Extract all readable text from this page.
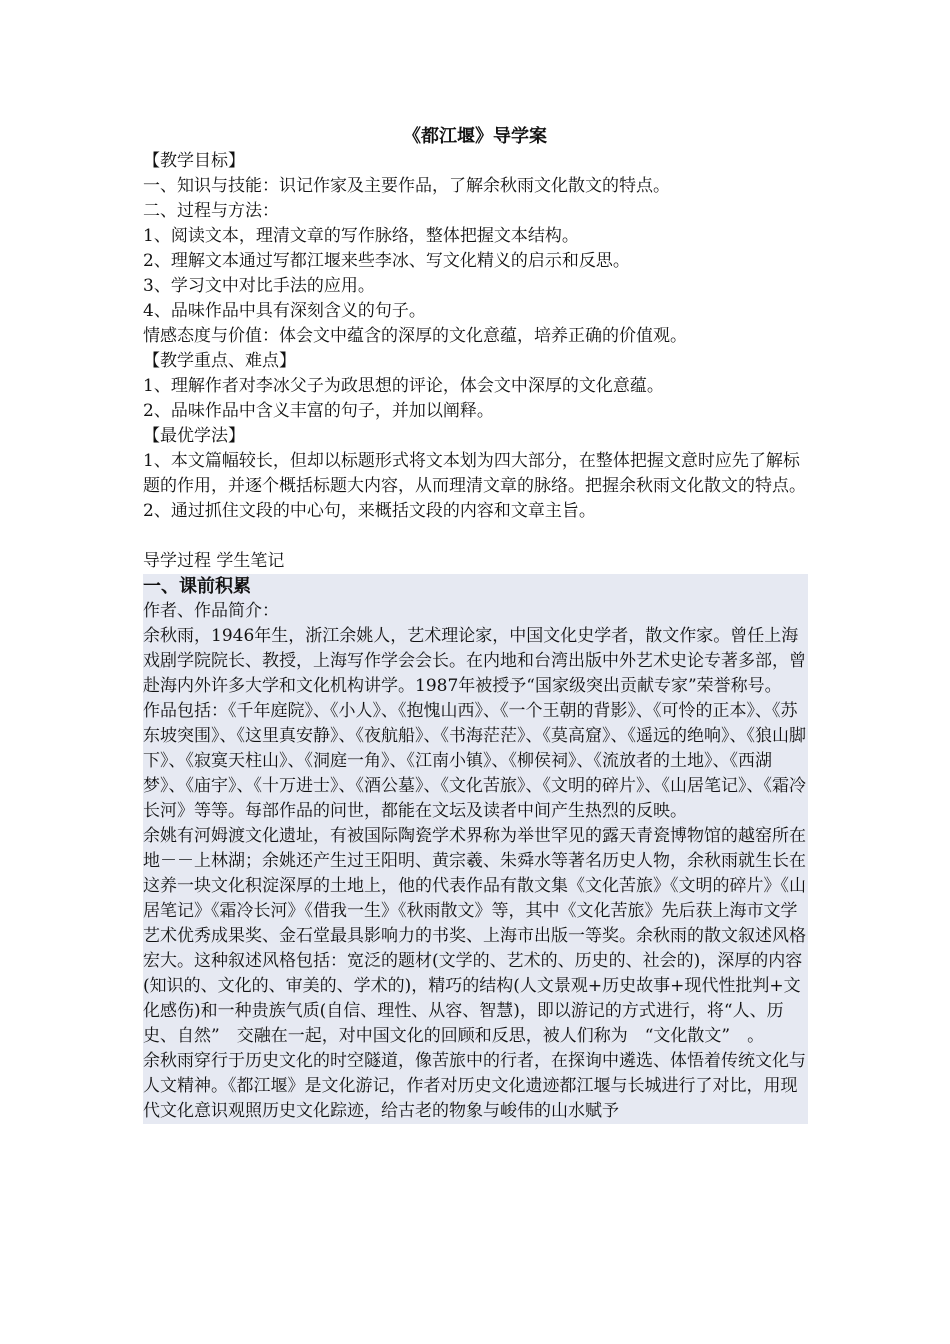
《都江堰》导学案

【教学目标】

一、知识与技能：识记作家及主要作品，了解余秋雨文化散文的特点。

二、过程与方法：

1、阅读文本，理清文章的写作脉络，整体把握文本结构。

2、理解文本通过写都江堰来些李冰、写文化精义的启示和反思。

3、学习文中对比手法的应用。

4、品味作品中具有深刻含义的句子。

情感态度与价值：体会文中蕴含的深厚的文化意蕴，培养正确的价值观。

【教学重点、难点】

1、理解作者对李冰父子为政思想的评论，体会文中深厚的文化意蕴。

2、品味作品中含义丰富的句子，并加以阐释。

【最优学法】

1、本文篇幅较长，但却以标题形式将文本划为四大部分，在整体把握文意时应先了解标题的作用，并逐个概括标题大内容，从而理清文章的脉络。把握余秋雨文化散文的特点。

2、通过抓住文段的中心句，来概括文段的内容和文章主旨。

导学过程 学生笔记

一、课前积累

作者、作品简介：

余秋雨，1946年生，浙江余姚人，艺术理论家，中国文化史学者，散文作家。曾任上海戏剧学院院长、教授，上海写作学会会长。在内地和台湾出版中外艺术史论专著多部，曾赴海内外许多大学和文化机构讲学。1987年被授予“国家级突出贡献专家”荣誉称号。

作品包括：《千年庭院》、《小人》、《抱愧山西》、《一个王朝的背影》、《可怜的正本》、《苏东坡突围》、《这里真安静》、《夜航船》、《书海茫茫》、《莫高窟》、《遥远的绝响》、《狼山脚下》、《寂寞天柱山》、《洞庭一角》、《江南小镇》、《柳侯祠》、《流放者的土地》、《西湖梦》、《庙宇》、《十万进士》、《酒公墓》、《文化苦旅》、《文明的碎片》、《山居笔记》、《霜冷长河》等等。每部作品的问世，都能在文坛及读者中间产生热烈的反映。

余姚有河姆渡文化遗址，有被国际陶瓷学术界称为举世罕见的露天青瓷博物馆的越窑所在地－－上林湖；余姚还产生过王阳明、黄宗羲、朱舜水等著名历史人物，余秋雨就生长在这养一块文化积淀深厚的土地上，他的代表作品有散文集《文化苦旅》《文明的碎片》《山居笔记》《霜冷长河》《借我一生》《秋雨散文》等，其中《文化苦旅》先后获上海市文学艺术优秀成果奖、金石堂最具影响力的书奖、上海市出版一等奖。余秋雨的散文叙述风格宏大。这种叙述风格包括：宽泛的题材(文学的、艺术的、历史的、社会的)，深厚的内容(知识的、文化的、审美的、学术的)，精巧的结构(人文景观+历史故事+现代性批判+文化感伤)和一种贵族气质(自信、理性、从容、智慧)，即以游记的方式进行，将“人、历史、自然”　交融在一起，对中国文化的回顾和反思，被人们称为　“文化散文”　。

余秋雨穿行于历史文化的时空隧道，像苦旅中的行者，在探询中遴选、体悟着传统文化与人文精神。《都江堰》是文化游记，作者对历史文化遗迹都江堰与长城进行了对比，用现代文化意识观照历史文化踪迹，给古老的物象与峻伟的山水赋予
